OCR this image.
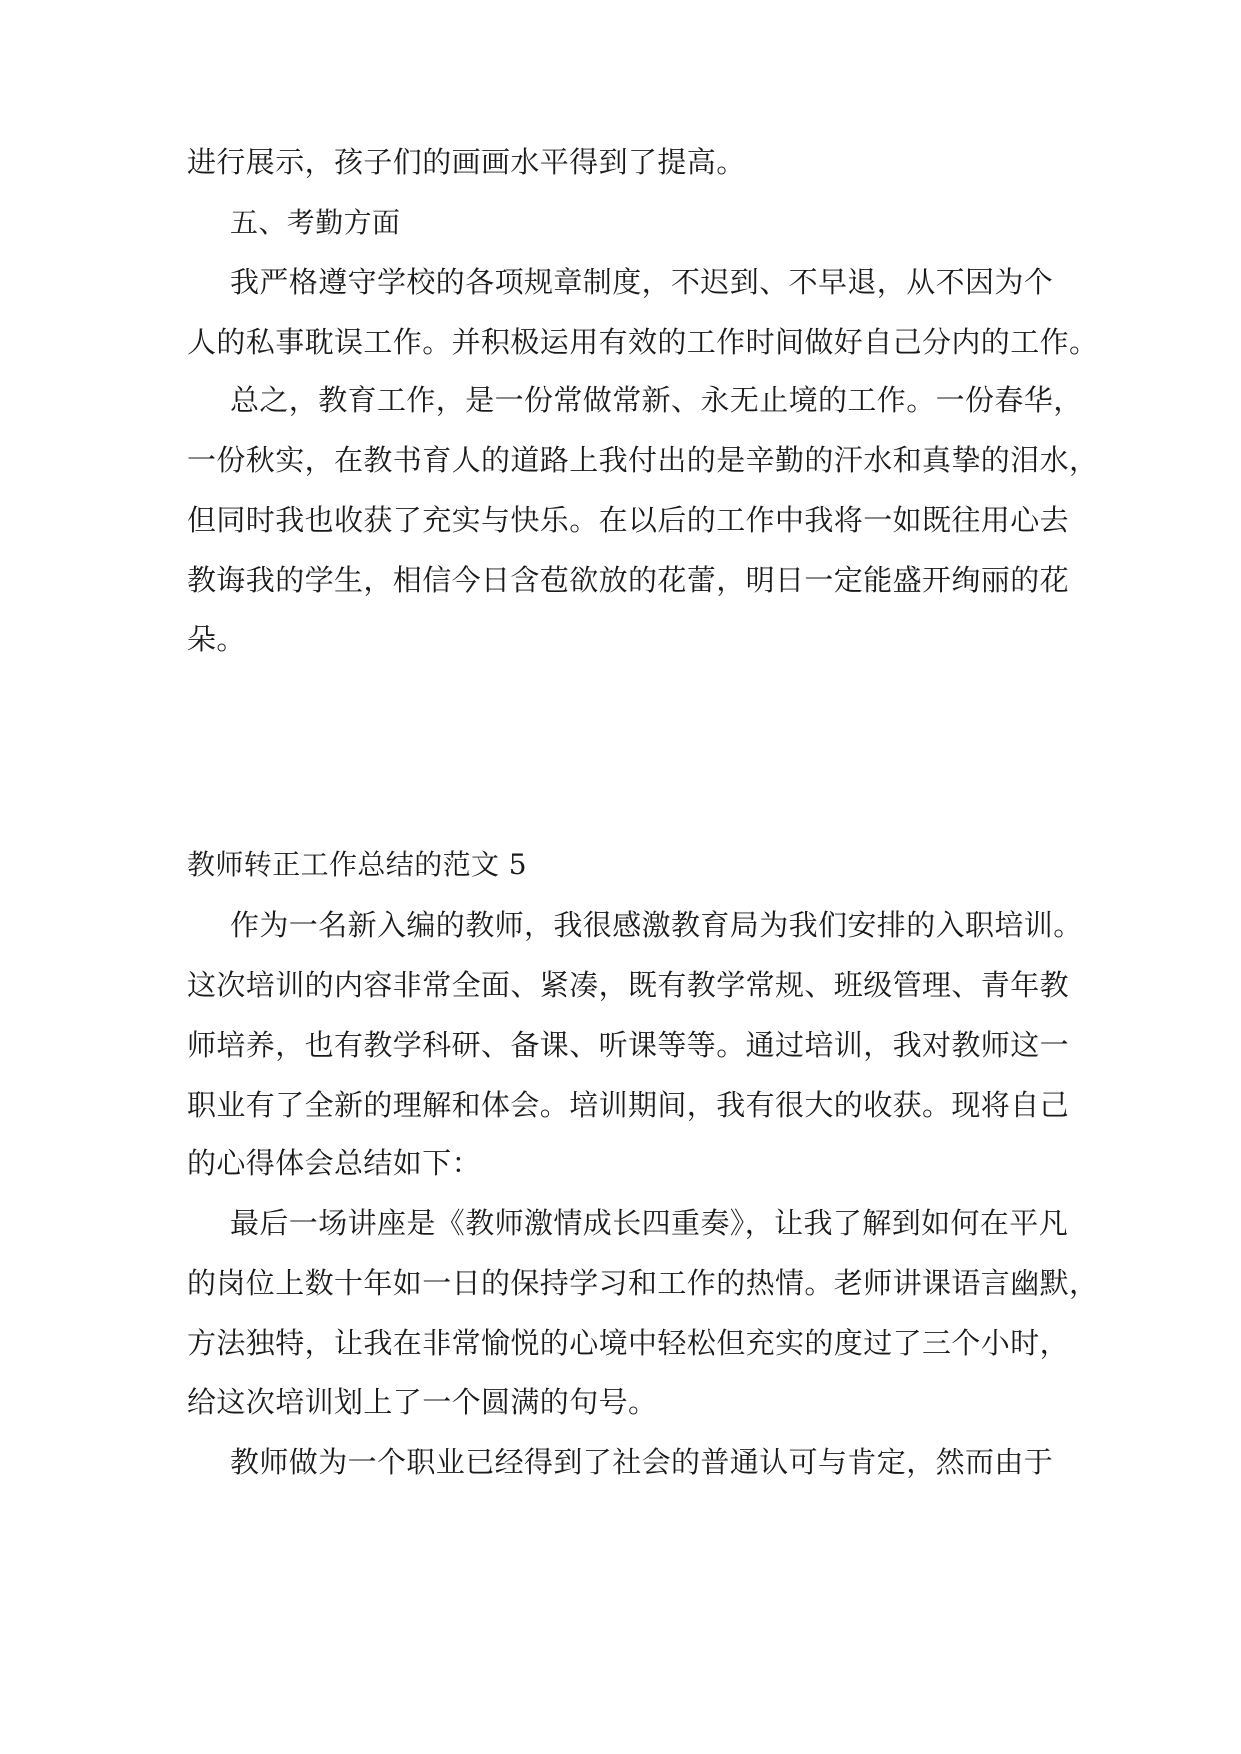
进行展示，孩子们的画画水平得到了提高。

五、考勤方面

我严格遵守学校的各项规章制度，不迟到、不早退，从不因为个

人的私事耽误工作。并积极运用有效的工作时间做好自己分内的工作。

总之，教育工作，是一份常做常新、永无止境的工作。一份春华，

一份秋实，在教书育人的道路上我付出的是辛勤的汗水和真挚的泪水，

但同时我也收获了充实与快乐。在以后的工作中我将一如既往用心去

教诲我的学生，相信今日含苞欲放的花蕾，明日一定能盛开绚丽的花

朵。

教师转正工作总结的范文 5

作为一名新入编的教师，我很感激教育局为我们安排的入职培训。

这次培训的内容非常全面、紧凑，既有教学常规、班级管理、青年教

师培养，也有教学科研、备课、听课等等。通过培训，我对教师这一

职业有了全新的理解和体会。培训期间，我有很大的收获。现将自己

的心得体会总结如下：

最后一场讲座是《教师激情成长四重奏》，让我了解到如何在平凡

的岗位上数十年如一日的保持学习和工作的热情。老师讲课语言幽默，

方法独特，让我在非常愉悦的心境中轻松但充实的度过了三个小时，

给这次培训划上了一个圆满的句号。

教师做为一个职业已经得到了社会的普通认可与肯定，然而由于
